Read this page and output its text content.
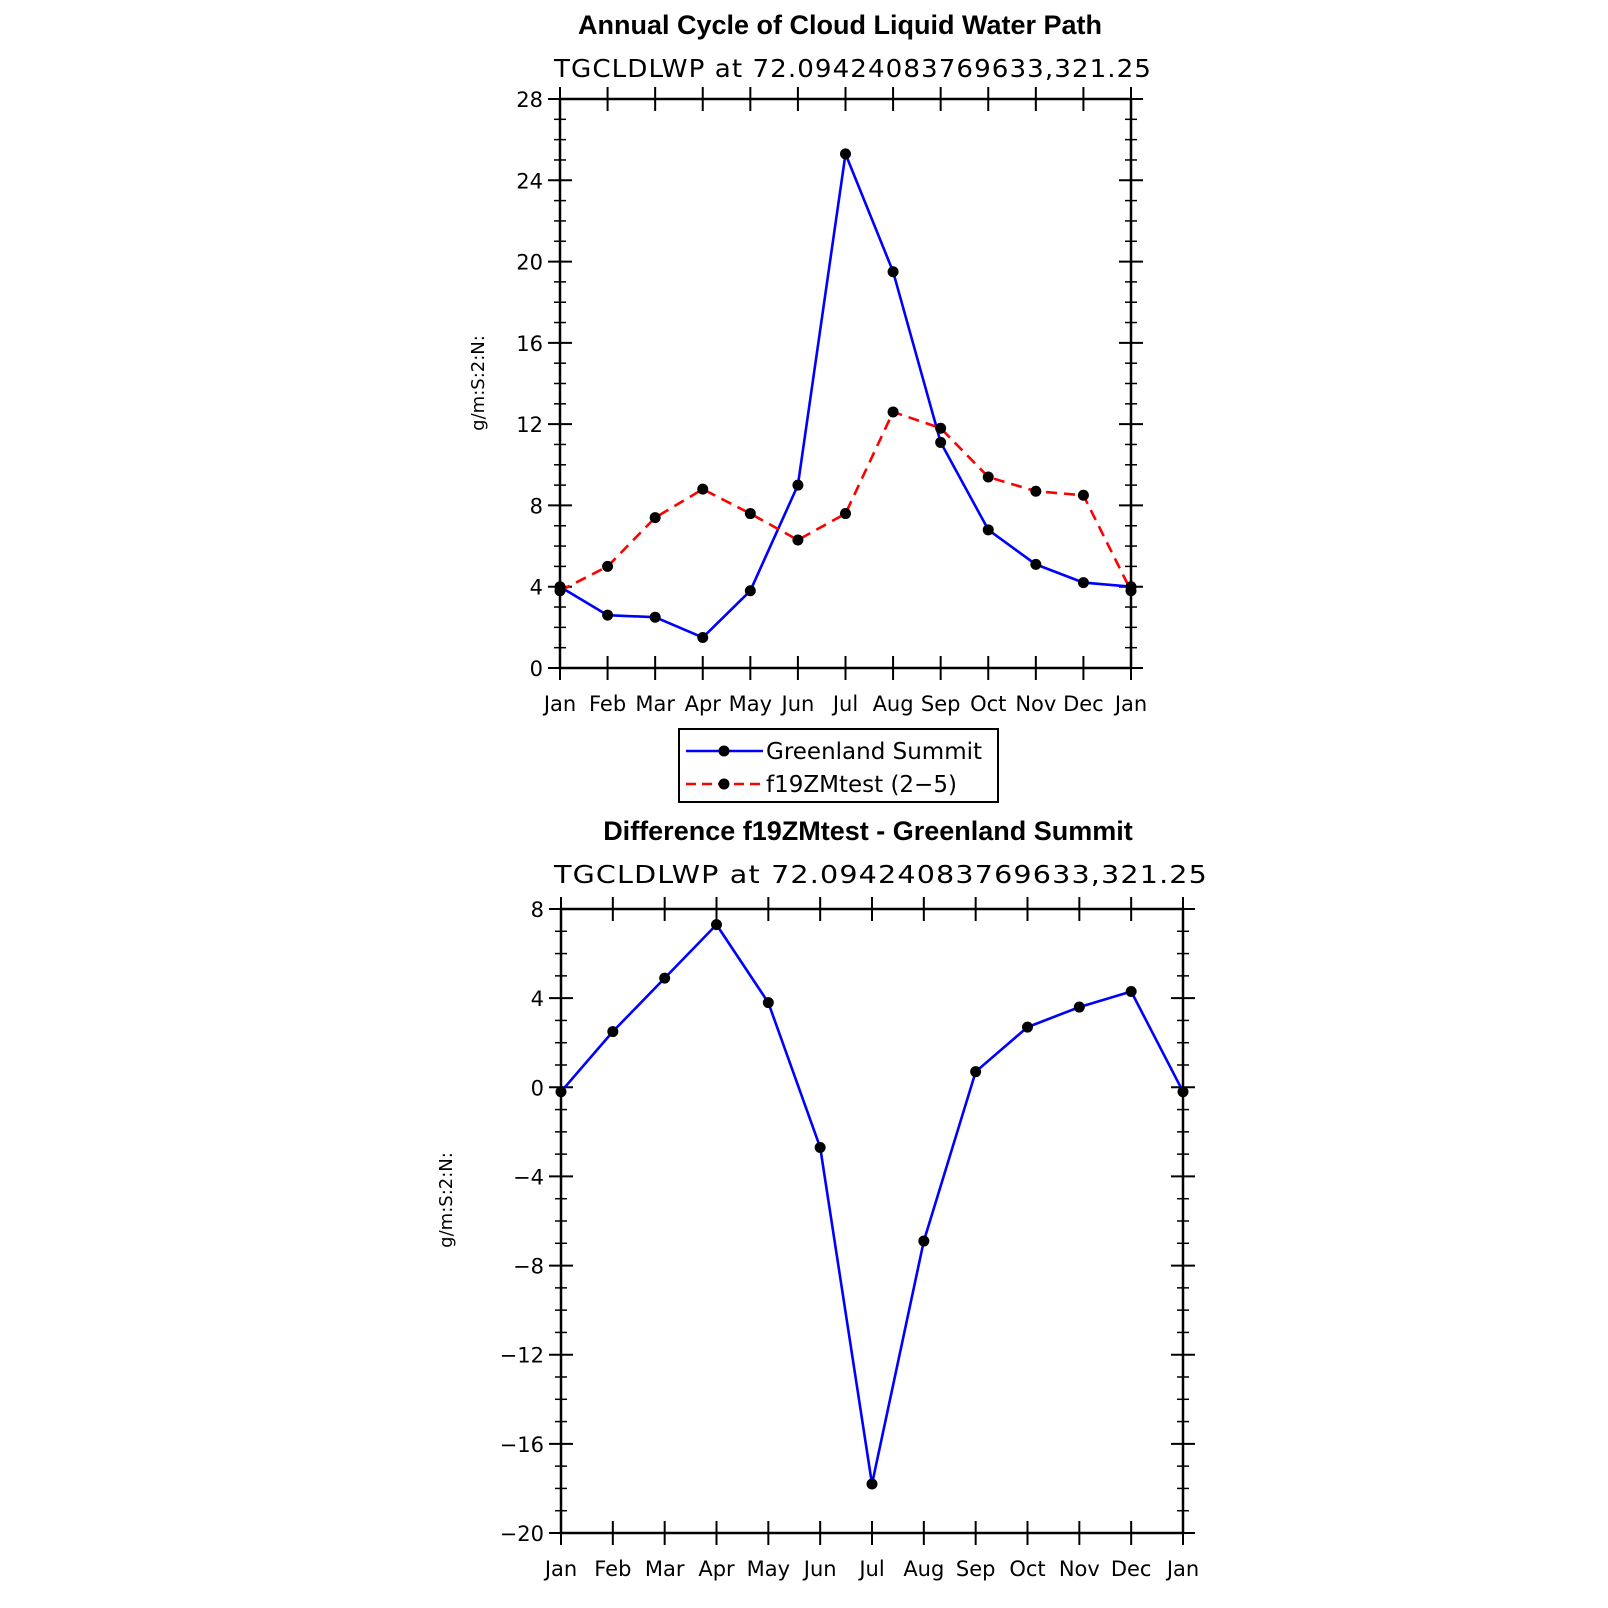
Annual Cycle of Cloud Liquid Water Path
TGCLDLWP at 72.09424083769633,321.25
g/m:S:2:N:
0
4
8
12
16
20
24
28
Jan Feb Mar Apr May Jun Jul Aug Sep Oct Nov Dec Jan
Greenland Summit
f19ZMtest (2−5)
Difference f19ZMtest - Greenland Summit
TGCLDLWP at 72.09424083769633,321.25
g/m:S:2:N:
−20
−16
−12
−8
−4
0
4
8
Jan Feb Mar Apr May Jun Jul Aug Sep Oct Nov Dec Jan
